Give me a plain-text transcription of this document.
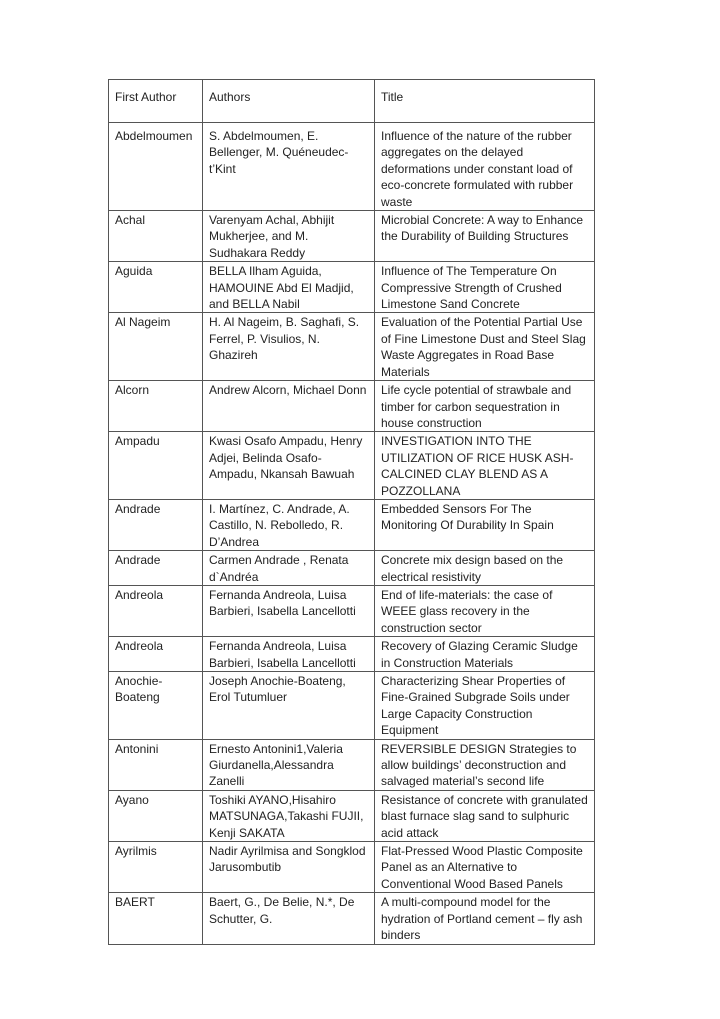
First Author	Authors	Title
Abdelmoumen	S. Abdelmoumen, E. Bellenger, M. Quéneudec-t’Kint	Influence of the nature of the rubber aggregates on the delayed deformations under constant load of eco-concrete formulated with rubber waste
Achal	Varenyam Achal, Abhijit Mukherjee, and M. Sudhakara Reddy	Microbial Concrete: A way to Enhance the Durability of Building Structures
Aguida	BELLA Ilham Aguida, HAMOUINE Abd El Madjid, and BELLA Nabil	Influence of The Temperature On Compressive Strength of Crushed Limestone Sand Concrete
Al Nageim	H. Al Nageim, B. Saghafi, S. Ferrel, P. Visulios, N. Ghazireh	Evaluation of the Potential Partial Use of Fine Limestone Dust and Steel Slag Waste Aggregates in Road Base Materials
Alcorn	Andrew Alcorn, Michael Donn	Life cycle potential of strawbale and timber for carbon sequestration in house construction
Ampadu	Kwasi Osafo Ampadu, Henry Adjei, Belinda Osafo-Ampadu, Nkansah Bawuah	INVESTIGATION INTO THE UTILIZATION OF RICE HUSK ASH-CALCINED CLAY BLEND AS A POZZOLLANA
Andrade	I. Martínez, C. Andrade, A. Castillo, N. Rebolledo, R. D’Andrea	Embedded Sensors For The Monitoring Of Durability In Spain
Andrade	Carmen Andrade , Renata d`Andréa	Concrete mix design based on the electrical resistivity
Andreola	Fernanda Andreola, Luisa Barbieri, Isabella Lancellotti	End of life-materials: the case of WEEE glass recovery in the construction sector
Andreola	Fernanda Andreola, Luisa Barbieri, Isabella Lancellotti	Recovery of Glazing Ceramic Sludge in Construction Materials
Anochie-Boateng	Joseph Anochie-Boateng, Erol Tutumluer	Characterizing Shear Properties of Fine-Grained Subgrade Soils under Large Capacity Construction Equipment
Antonini	Ernesto Antonini1,Valeria Giurdanella,Alessandra Zanelli	REVERSIBLE DESIGN Strategies to allow buildings’ deconstruction and salvaged material’s second life
Ayano	Toshiki AYANO,Hisahiro MATSUNAGA,Takashi FUJII, Kenji SAKATA	Resistance of concrete with granulated blast furnace slag sand to sulphuric acid attack
Ayrilmis	Nadir Ayrilmisa and Songklod Jarusombutib	Flat-Pressed Wood Plastic Composite Panel as an Alternative to Conventional Wood Based Panels
BAERT	Baert, G., De Belie, N.*, De Schutter, G.	A multi-compound model for the hydration of Portland cement – fly ash binders
